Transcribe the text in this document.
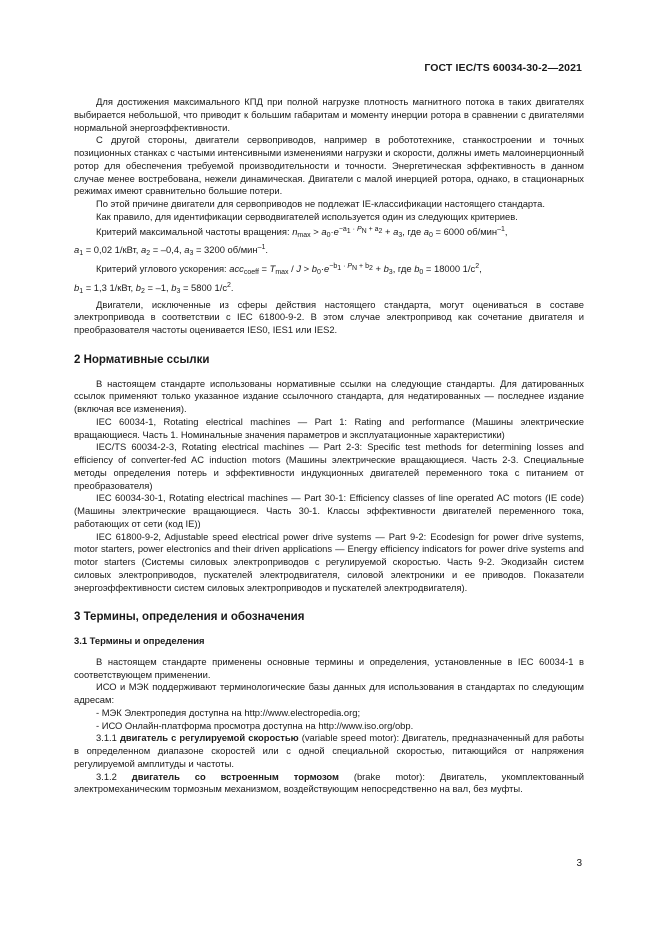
ГОСТ IEC/TS 60034-30-2—2021

Для достижения максимального КПД при полной нагрузке плотность магнитного потока в таких двигателях выбирается небольшой, что приводит к большим габаритам и моменту инерции ротора в сравнении с двигателями нормальной энергоэффективности.

С другой стороны, двигатели сервоприводов, например в робототехнике, станкостроении и точных позиционных станках с частыми интенсивными изменениями нагрузки и скорости, должны иметь малоинерционный ротор для обеспечения требуемой производительности и точности. Энергетическая эффективность в данном случае менее востребована, нежели динамическая. Двигатели с малой инерцией ротора, однако, в стационарных режимах имеют сравнительно большие потери.

По этой причине двигатели для сервоприводов не подлежат IE-классификации настоящего стандарта.

Как правило, для идентификации серводвигателей используется один из следующих критериев.

Критерий максимальной частоты вращения: $n_{max} > a_0\cdot e^{-a1 \cdot PN + a2} + a_3$, где $a_0 = 6000$ об/мин$^{-1}$,

$a_1 = 0,02$ 1/кВт, $a_2 = -0,4$, $a_3 = 3200$ об/мин$^{-1}$.

Критерий углового ускорения: $acc_{coeff} = T_{max} / J > b_0\cdot e^{-b1 \cdot PN + b2} + b_3$, где $b_0 = 18000$ $1/с^2$,

$b_1 = 1,3$ 1/кВт, $b_2 = -1$, $b_3 = 5800$ $1/с^2$.

Двигатели, исключенные из сферы действия настоящего стандарта, могут оцениваться в составе электропривода в соответствии с IEC 61800-9-2. В этом случае электропривод как сочетание двигателя и преобразователя частоты оценивается IES0, IES1 или IES2.

2 Нормативные ссылки

В настоящем стандарте использованы нормативные ссылки на следующие стандарты. Для датированных ссылок применяют только указанное издание ссылочного стандарта, для недатированных — последнее издание (включая все изменения).

IEC 60034-1, Rotating electrical machines — Part 1: Rating and performance (Машины электрические вращающиеся. Часть 1. Номинальные значения параметров и эксплуатационные характеристики)

IEC/TS 60034-2-3, Rotating electrical machines — Part 2-3: Specific test methods for determining losses and efficiency of converter-fed AC induction motors (Машины электрические вращающиеся. Часть 2-3. Специальные методы определения потерь и эффективности индукционных двигателей переменного тока с питанием от преобразователя)

IEC 60034-30-1, Rotating electrical machines — Part 30-1: Efficiency classes of line operated AC motors (IE code) (Машины электрические вращающиеся. Часть 30-1. Классы эффективности двигателей переменного тока, работающих от сети (код IE))

IEC 61800-9-2, Adjustable speed electrical power drive systems — Part 9-2: Ecodesign for power drive systems, motor starters, power electronics and their driven applications — Energy efficiency indicators for power drive systems and motor starters (Системы силовых электроприводов с регулируемой скоростью. Часть 9-2. Экодизайн систем силовых электроприводов, пускателей электродвигателя, силовой электроники и ее приводов. Показатели энергоэффективности систем силовых электроприводов и пускателей электродвигателя).

3 Термины, определения и обозначения
3.1 Термины и определения

В настоящем стандарте применены основные термины и определения, установленные в IEC 60034-1 в соответствующем применении.

ИСО и МЭК поддерживают терминологические базы данных для использования в стандартах по следующим адресам:

- МЭК Электропедия доступна на http://www.electropedia.org;

- ИСО Онлайн-платформа просмотра доступна на http://www.iso.org/obp.

3.1.1 двигатель с регулируемой скоростью (variable speed motor): Двигатель, предназначенный для работы в определенном диапазоне скоростей или с одной специальной скоростью, питающийся от напряжения регулируемой амплитуды и частоты.

3.1.2 двигатель со встроенным тормозом (brake motor): Двигатель, укомплектованный электромеханическим тормозным механизмом, воздействующим непосредственно на вал, без муфты.

3
